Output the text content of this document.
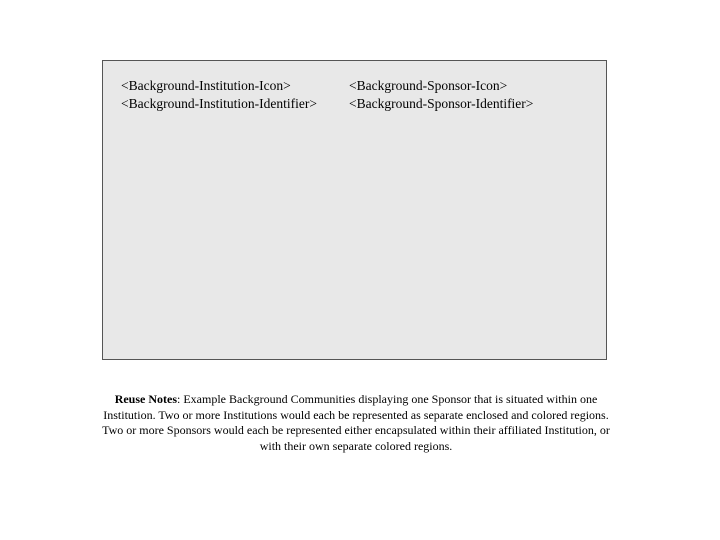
<Background-Institution-Icon>
<Background-Institution-Identifier>
<Background-Sponsor-Icon>
<Background-Sponsor-Identifier>
Reuse Notes: Example Background Communities displaying one Sponsor that is situated within one Institution. Two or more Institutions would each be represented as separate enclosed and colored regions. Two or more Sponsors would each be represented either encapsulated within their affiliated Institution, or with their own separate colored regions.
